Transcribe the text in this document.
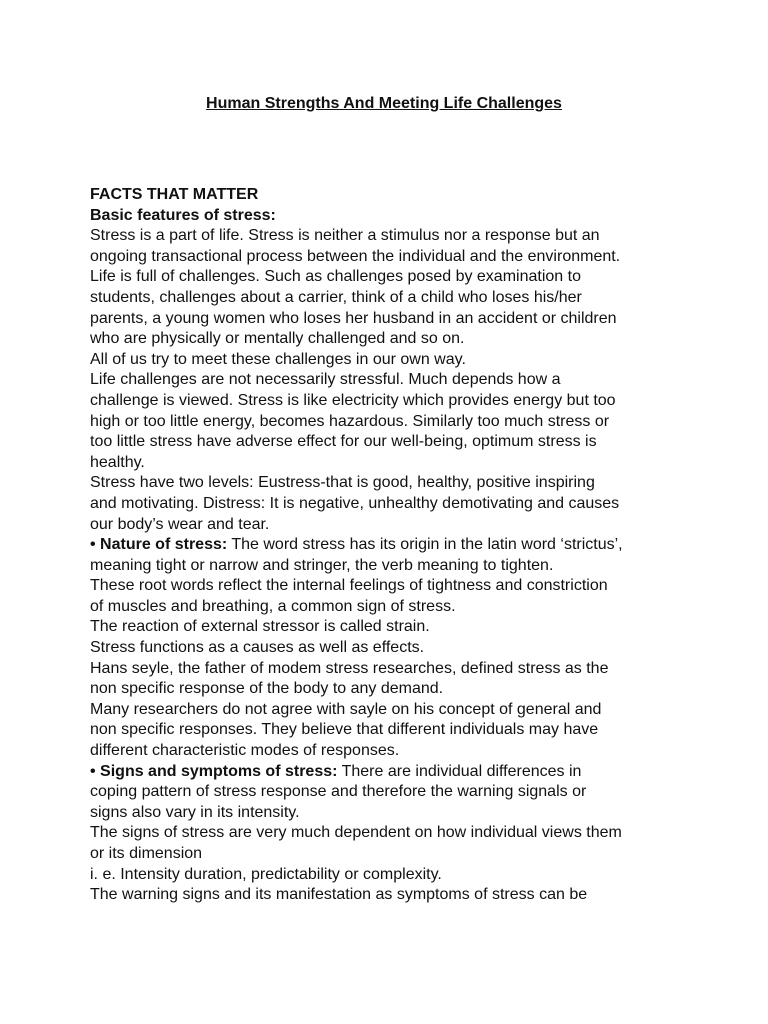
Human Strengths And Meeting Life Challenges

FACTS THAT MATTER

Basic features of stress:

Stress is a part of life. Stress is neither a stimulus nor a response but an

ongoing transactional process between the individual and the environment.

Life is full of challenges. Such as challenges posed by examination to

students, challenges about a carrier, think of a child who loses his/her

parents, a young women who loses her husband in an accident or children

who are physically or mentally challenged and so on.

All of us try to meet these challenges in our own way.

Life challenges are not necessarily stressful. Much depends how a

challenge is viewed. Stress is like electricity which provides energy but too

high or too little energy, becomes hazardous. Similarly too much stress or

too little stress have adverse effect for our well-being, optimum stress is

healthy.

Stress have two levels: Eustress-that is good, healthy, positive inspiring

and motivating. Distress: It is negative, unhealthy demotivating and causes

our body’s wear and tear.

• Nature of stress: The word stress has its origin in the latin word ‘strictus’,

meaning tight or narrow and stringer, the verb meaning to tighten.

These root words reflect the internal feelings of tightness and constriction

of muscles and breathing, a common sign of stress.

The reaction of external stressor is called strain.

Stress functions as a causes as well as effects.

Hans seyle, the father of modem stress researches, defined stress as the

non specific response of the body to any demand.

Many researchers do not agree with sayle on his concept of general and

non specific responses. They believe that different individuals may have

different characteristic modes of responses.

• Signs and symptoms of stress: There are individual differences in

coping pattern of stress response and therefore the warning signals or

signs also vary in its intensity.

The signs of stress are very much dependent on how individual views them

or its dimension

i. e. Intensity duration, predictability or complexity.

The warning signs and its manifestation as symptoms of stress can be
